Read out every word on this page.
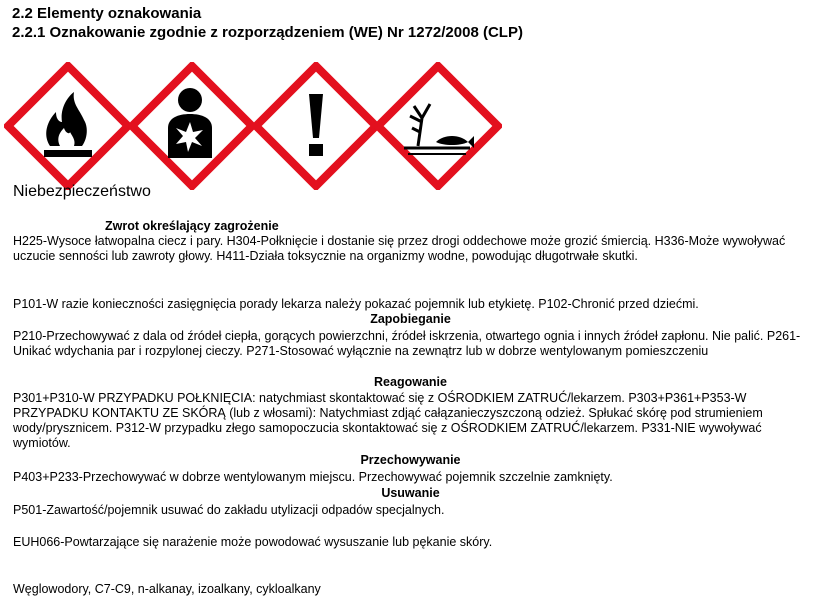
2.2 Elementy oznakowania
2.2.1 Oznakowanie zgodnie z rozporządzeniem (WE) Nr 1272/2008 (CLP)
Niebezpieczeństwo
Zwrot określający zagrożenie
H225-Wysoce łatwopalna ciecz i pary. H304-Połknięcie i dostanie się przez drogi oddechowe może grozić śmiercią. H336-Może wywoływać uczucie senności lub zawroty głowy. H411-Działa toksycznie na organizmy wodne, powodując długotrwałe skutki.
P101-W razie konieczności zasięgnięcia porady lekarza należy pokazać pojemnik lub etykietę. P102-Chronić przed dziećmi.
Zapobieganie
P210-Przechowywać z dala od źródeł ciepła, gorących powierzchni, źródeł iskrzenia, otwartego ognia i innych źródeł zapłonu. Nie palić. P261-Unikać wdychania par i rozpylonej cieczy. P271-Stosować wyłącznie na zewnątrz lub w dobrze wentylowanym pomieszczeniu
Reagowanie
P301+P310-W PRZYPADKU POŁKNIĘCIA: natychmiast skontaktować się z OŚRODKIEM ZATRUĆ/lekarzem. P303+P361+P353-W PRZYPADKU KONTAKTU ZE SKÓRĄ (lub z włosami): Natychmiast zdjąć całązanieczyszczoną odzież. Spłukać skórę pod strumieniem wody/prysznicem. P312-W przypadku złego samopoczucia skontaktować się z OŚRODKIEM ZATRUĆ/lekarzem. P331-NIE wywoływać wymiotów.
Przechowywanie
P403+P233-Przechowywać w dobrze wentylowanym miejscu. Przechowywać pojemnik szczelnie zamknięty.
Usuwanie
P501-Zawartość/pojemnik usuwać do zakładu utylizacji odpadów specjalnych.
EUH066-Powtarzające się narażenie może powodować wysuszanie lub pękanie skóry.
Węglowodory, C7-C9, n-alkanay, izoalkany, cykloalkany
